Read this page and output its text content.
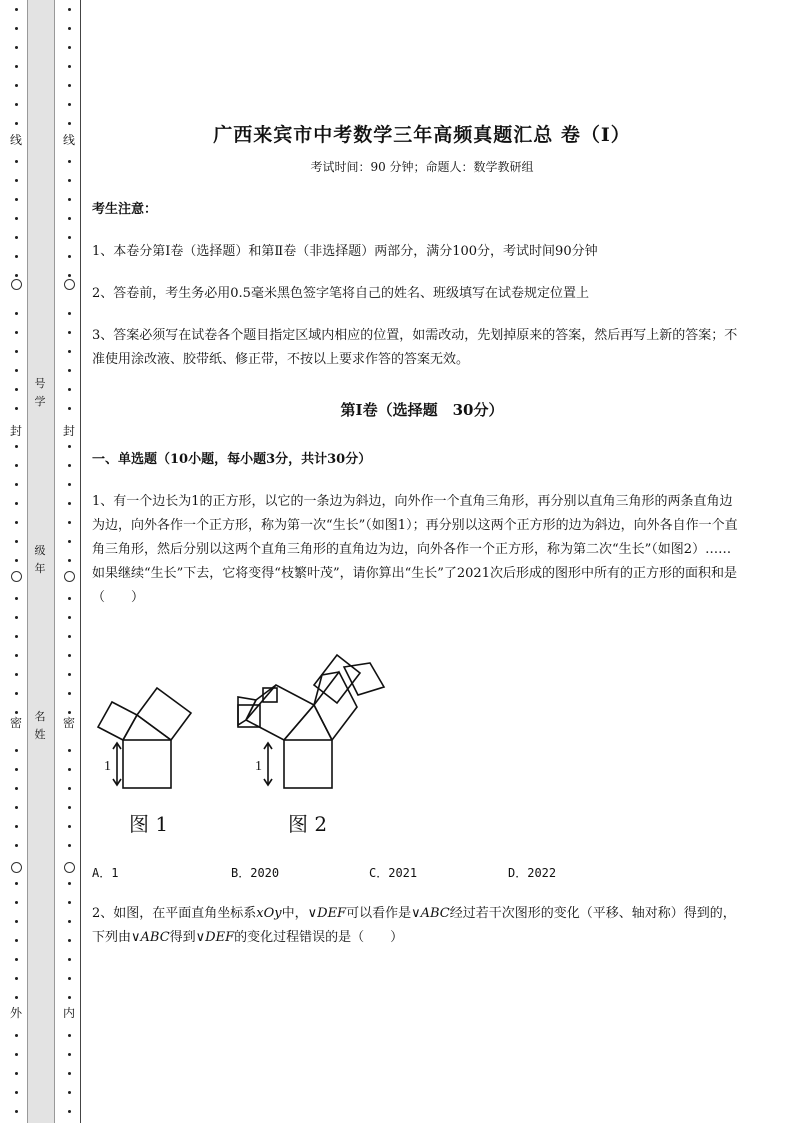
线
封
密
外
线
封
密
内
号
学
级
年
名
姓
广西来宾市中考数学三年高频真题汇总 卷（Ⅰ）
考试时间：90 分钟；命题人：数学教研组
考生注意：
1、本卷分第Ⅰ卷（选择题）和第Ⅱ卷（非选择题）两部分，满分100分，考试时间90分钟
2、答卷前，考生务必用0.5毫米黑色签字笔将自己的姓名、班级填写在试卷规定位置上
3、答案必须写在试卷各个题目指定区域内相应的位置，如需改动，先划掉原来的答案，然后再写上新的答案；不准使用涂改液、胶带纸、修正带，不按以上要求作答的答案无效。
第Ⅰ卷（选择题　30分）
一、单选题（10小题，每小题3分，共计30分）
1、有一个边长为1的正方形，以它的一条边为斜边，向外作一个直角三角形，再分别以直角三角形的两条直角边为边，向外各作一个正方形，称为第一次“生长”（如图1）；再分别以这两个正方形的边为斜边，向外各自作一个直角三角形，然后分别以这两个直角三角形的直角边为边，向外各作一个正方形，称为第二次“生长”（如图2）……如果继续“生长”下去，它将变得“枝繁叶茂”，请你算出“生长”了2021次后形成的图形中所有的正方形的面积和是（　　）
1	1
图 1	图 2
A．1	B．2020	C．2021	D．2022
2、如图，在平面直角坐标系xOy中，∨DEF可以看作是∨ABC经过若干次图形的变化（平移、轴对称）得到的，下列由∨ABC得到∨DEF的变化过程错误的是（　　）
